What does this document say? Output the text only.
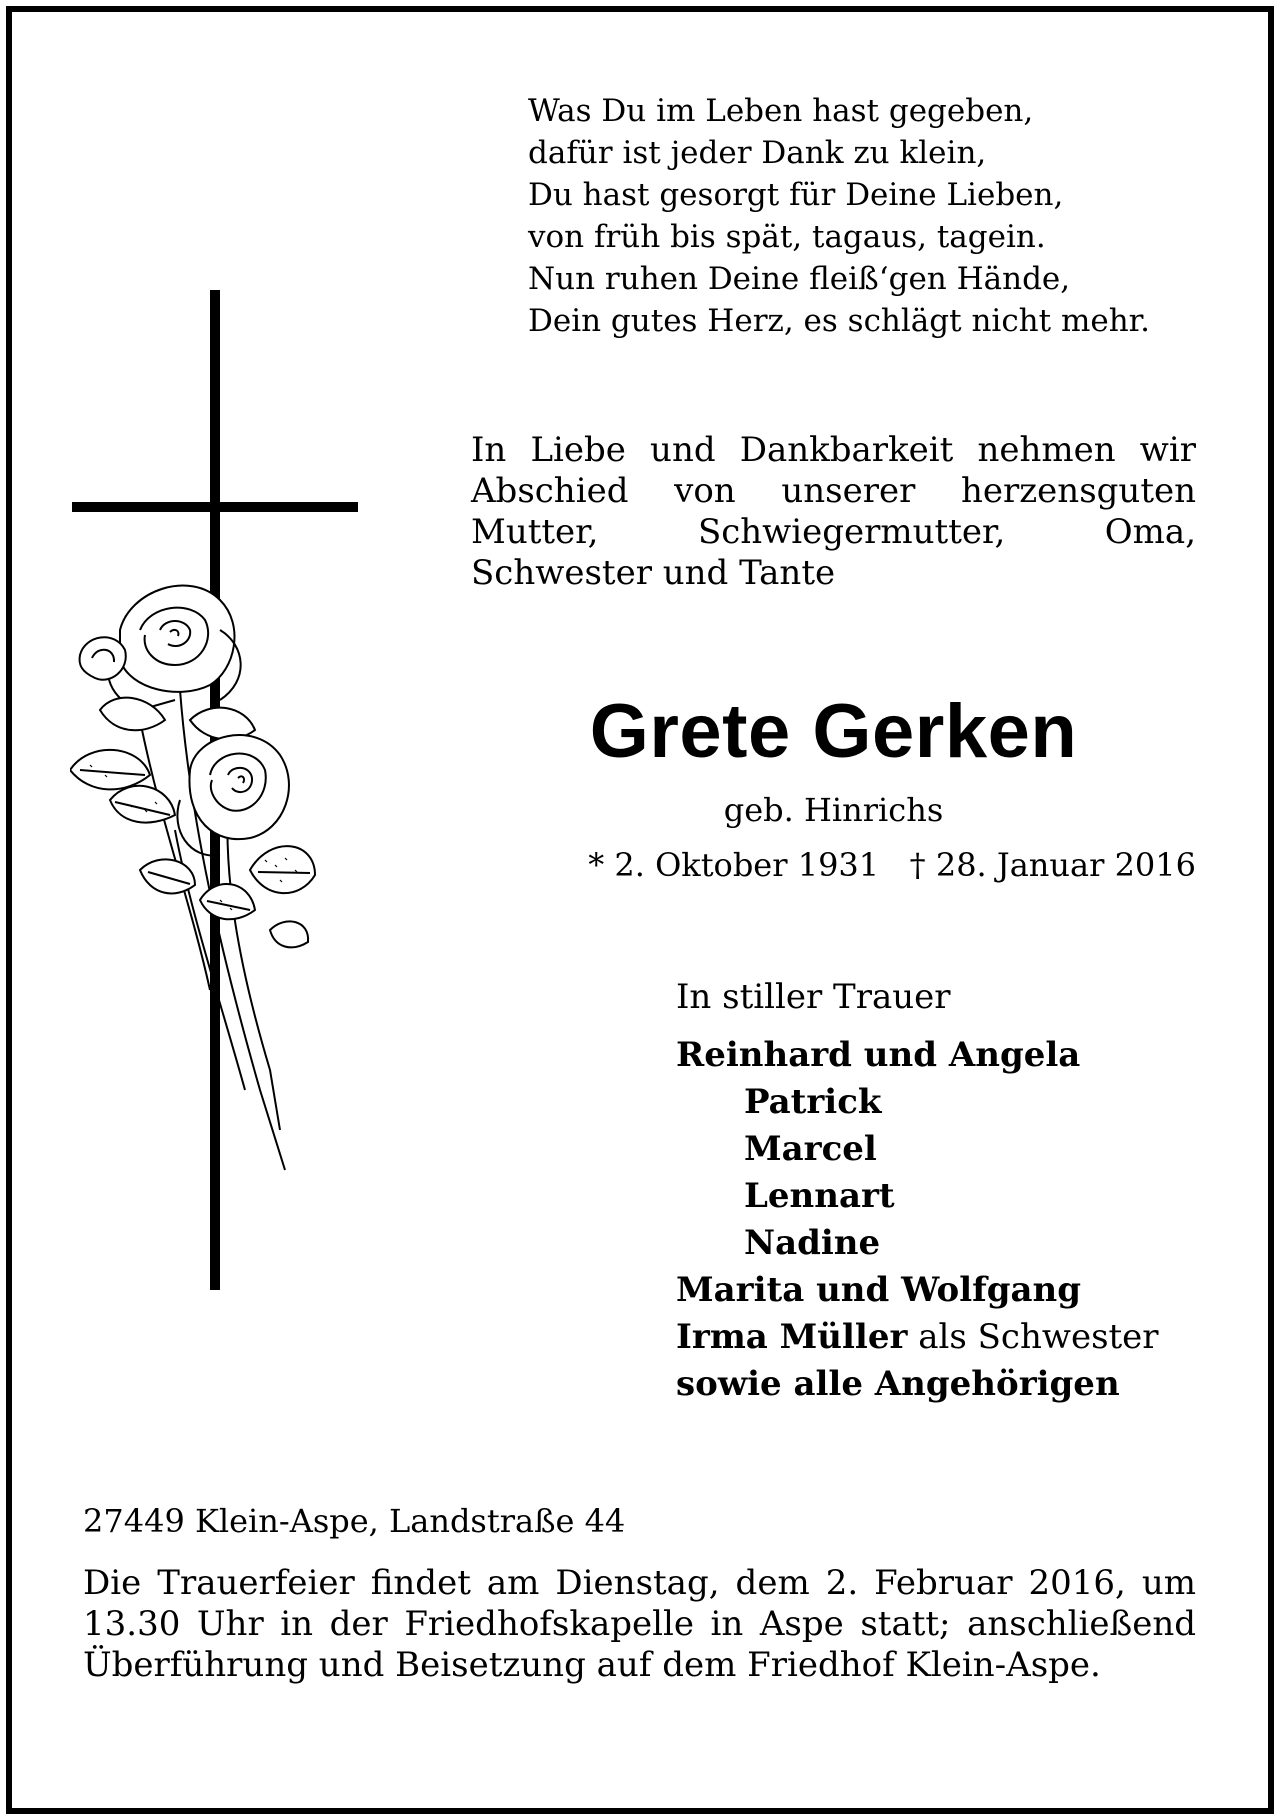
Was Du im Leben hast gegeben,
dafür ist jeder Dank zu klein,
Du hast gesorgt für Deine Lieben,
von früh bis spät, tagaus, tagein.
Nun ruhen Deine fleiß‘gen Hände,
Dein gutes Herz, es schlägt nicht mehr.
In Liebe und Dankbarkeit nehmen wir Abschied von unserer herzensguten Mutter, Schwiegermutter, Oma, Schwester und Tante
Grete Gerken
geb. Hinrichs
* 2. Oktober 1931 † 28. Januar 2016
In stiller Trauer
Reinhard und Angela
Patrick
Marcel
Lennart
Nadine
Marita und Wolfgang
Irma Müller als Schwester
sowie alle Angehörigen
27449 Klein-Aspe, Landstraße 44
Die Trauerfeier findet am Dienstag, dem 2. Februar 2016, um 13.30 Uhr in der Friedhofskapelle in Aspe statt; anschließend Überführung und Beisetzung auf dem Friedhof Klein-Aspe.
